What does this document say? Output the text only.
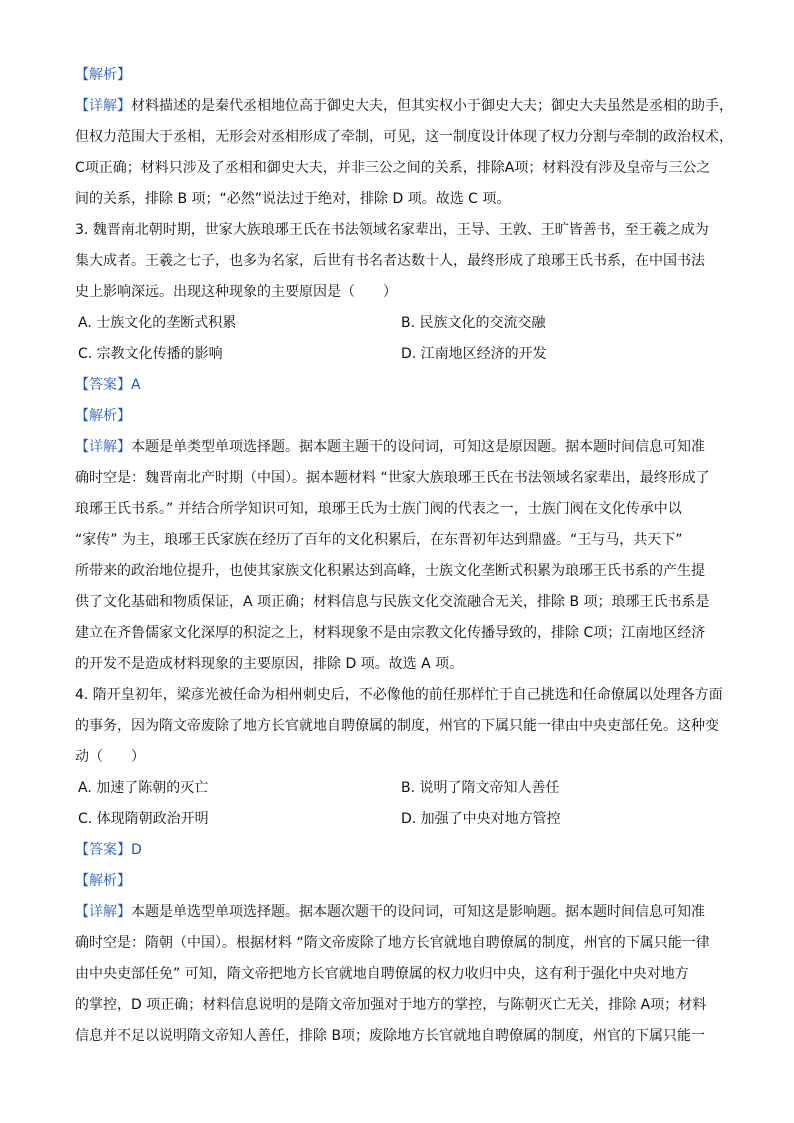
【解析】
【详解】材料描述的是秦代丞相地位高于御史大夫，但其实权小于御史大夫；御史大夫虽然是丞相的助手，
但权力范围大于丞相，无形会对丞相形成了牵制，可见，这一制度设计体现了权力分割与牵制的政治权术，
C项正确；材料只涉及了丞相和御史大夫，并非三公之间的关系，排除A项；材料没有涉及皇帝与三公之
间的关系，排除 B 项；“必然”说法过于绝对，排除 D 项。故选 C 项。
3. 魏晋南北朝时期，世家大族琅琊王氏在书法领域名家辈出，王导、王敦、王旷皆善书，至王羲之成为
集大成者。王羲之七子，也多为名家，后世有书名者达数十人，最终形成了琅琊王氏书系，在中国书法
史上影响深远。出现这种现象的主要原因是（　　）
A. 士族文化的垄断式积累	B. 民族文化的交流交融
C. 宗教文化传播的影响	D. 江南地区经济的开发
【答案】A
【解析】
【详解】本题是单类型单项选择题。据本题主题干的设问词，可知这是原因题。据本题时间信息可知准
确时空是：魏晋南北产时期（中国）。据本题材料 “世家大族琅琊王氏在书法领域名家辈出，最终形成了
琅琊王氏书系。” 并结合所学知识可知，琅琊王氏为士族门阀的代表之一，士族门阀在文化传承中以
“家传” 为主，琅琊王氏家族在经历了百年的文化积累后，在东晋初年达到鼎盛。“王与马，共天下”
所带来的政治地位提升，也使其家族文化积累达到高峰，士族文化垄断式积累为琅琊王氏书系的产生提
供了文化基础和物质保证，A 项正确；材料信息与民族文化交流融合无关，排除 B 项；琅琊王氏书系是
建立在齐鲁儒家文化深厚的积淀之上，材料现象不是由宗教文化传播导致的，排除 C项；江南地区经济
的开发不是造成材料现象的主要原因，排除 D 项。故选 A 项。
4. 隋开皇初年，梁彦光被任命为相州刺史后，不必像他的前任那样忙于自己挑选和任命僚属以处理各方面
的事务，因为隋文帝废除了地方长官就地自聘僚属的制度，州官的下属只能一律由中央吏部任免。这种变
动（　　）
A. 加速了陈朝的灭亡	B. 说明了隋文帝知人善任
C. 体现隋朝政治开明	D. 加强了中央对地方管控
【答案】D
【解析】
【详解】本题是单选型单项选择题。据本题次题干的设问词，可知这是影响题。据本题时间信息可知准
确时空是：隋朝（中国）。根据材料 “隋文帝废除了地方长官就地自聘僚属的制度，州官的下属只能一律
由中央吏部任免” 可知，隋文帝把地方长官就地自聘僚属的权力收归中央，这有利于强化中央对地方
的掌控，D 项正确；材料信息说明的是隋文帝加强对于地方的掌控，与陈朝灭亡无关，排除 A项；材料
信息并不足以说明隋文帝知人善任，排除 B项；废除地方长官就地自聘僚属的制度，州官的下属只能一
